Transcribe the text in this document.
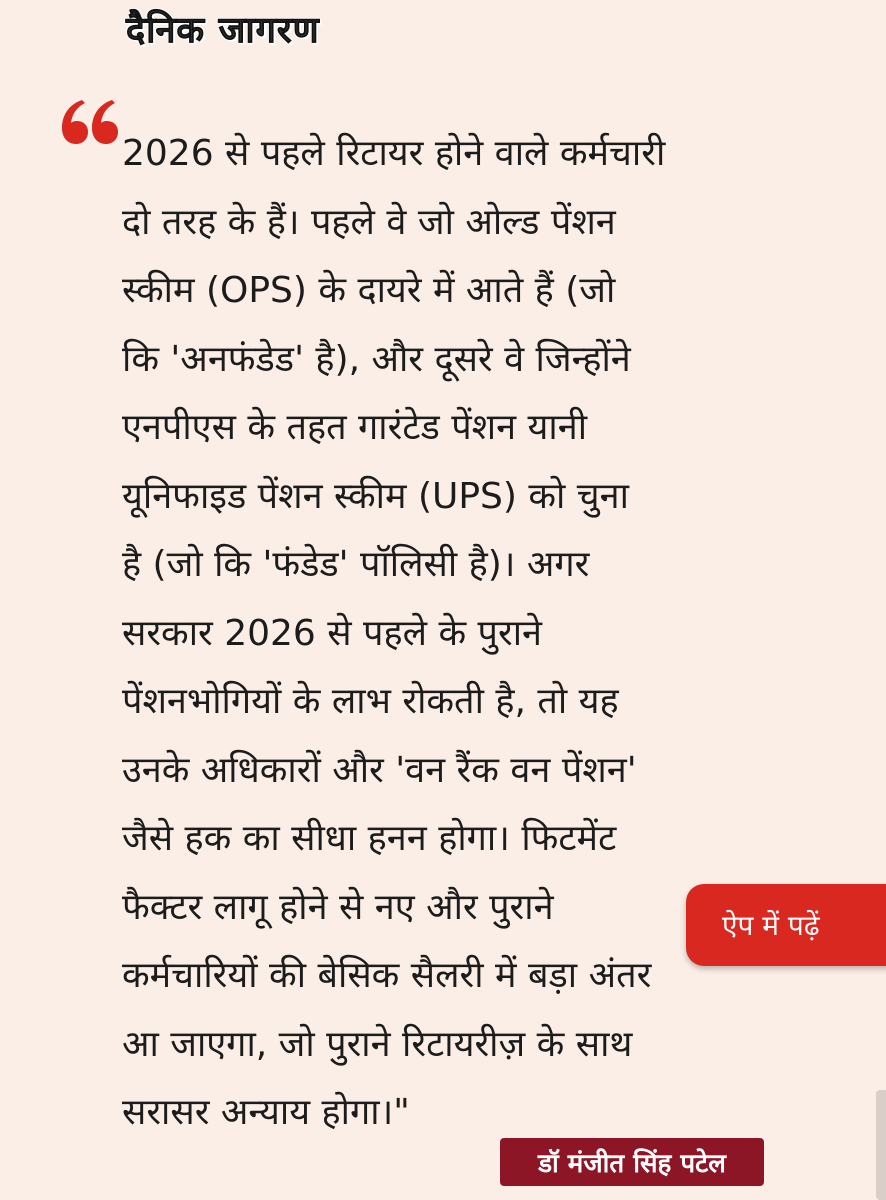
दैनिक जागरण

2026 से पहले रिटायर होने वाले कर्मचारी
दो तरह के हैं। पहले वे जो ओल्ड पेंशन
स्कीम (OPS) के दायरे में आते हैं (जो
कि 'अनफंडेड' है), और दूसरे वे जिन्होंने
एनपीएस के तहत गारंटेड पेंशन यानी
यूनिफाइड पेंशन स्कीम (UPS) को चुना
है (जो कि 'फंडेड' पॉलिसी है)। अगर
सरकार 2026 से पहले के पुराने
पेंशनभोगियों के लाभ रोकती है, तो यह
उनके अधिकारों और 'वन रैंक वन पेंशन'
जैसे हक का सीधा हनन होगा। फिटमेंट
फैक्टर लागू होने से नए और पुराने
कर्मचारियों की बेसिक सैलरी में बड़ा अंतर
आ जाएगा, जो पुराने रिटायरीज़ के साथ
सरासर अन्याय होगा।"

ऐप में पढ़ें
डॉ मंजीत सिंह पटेल
